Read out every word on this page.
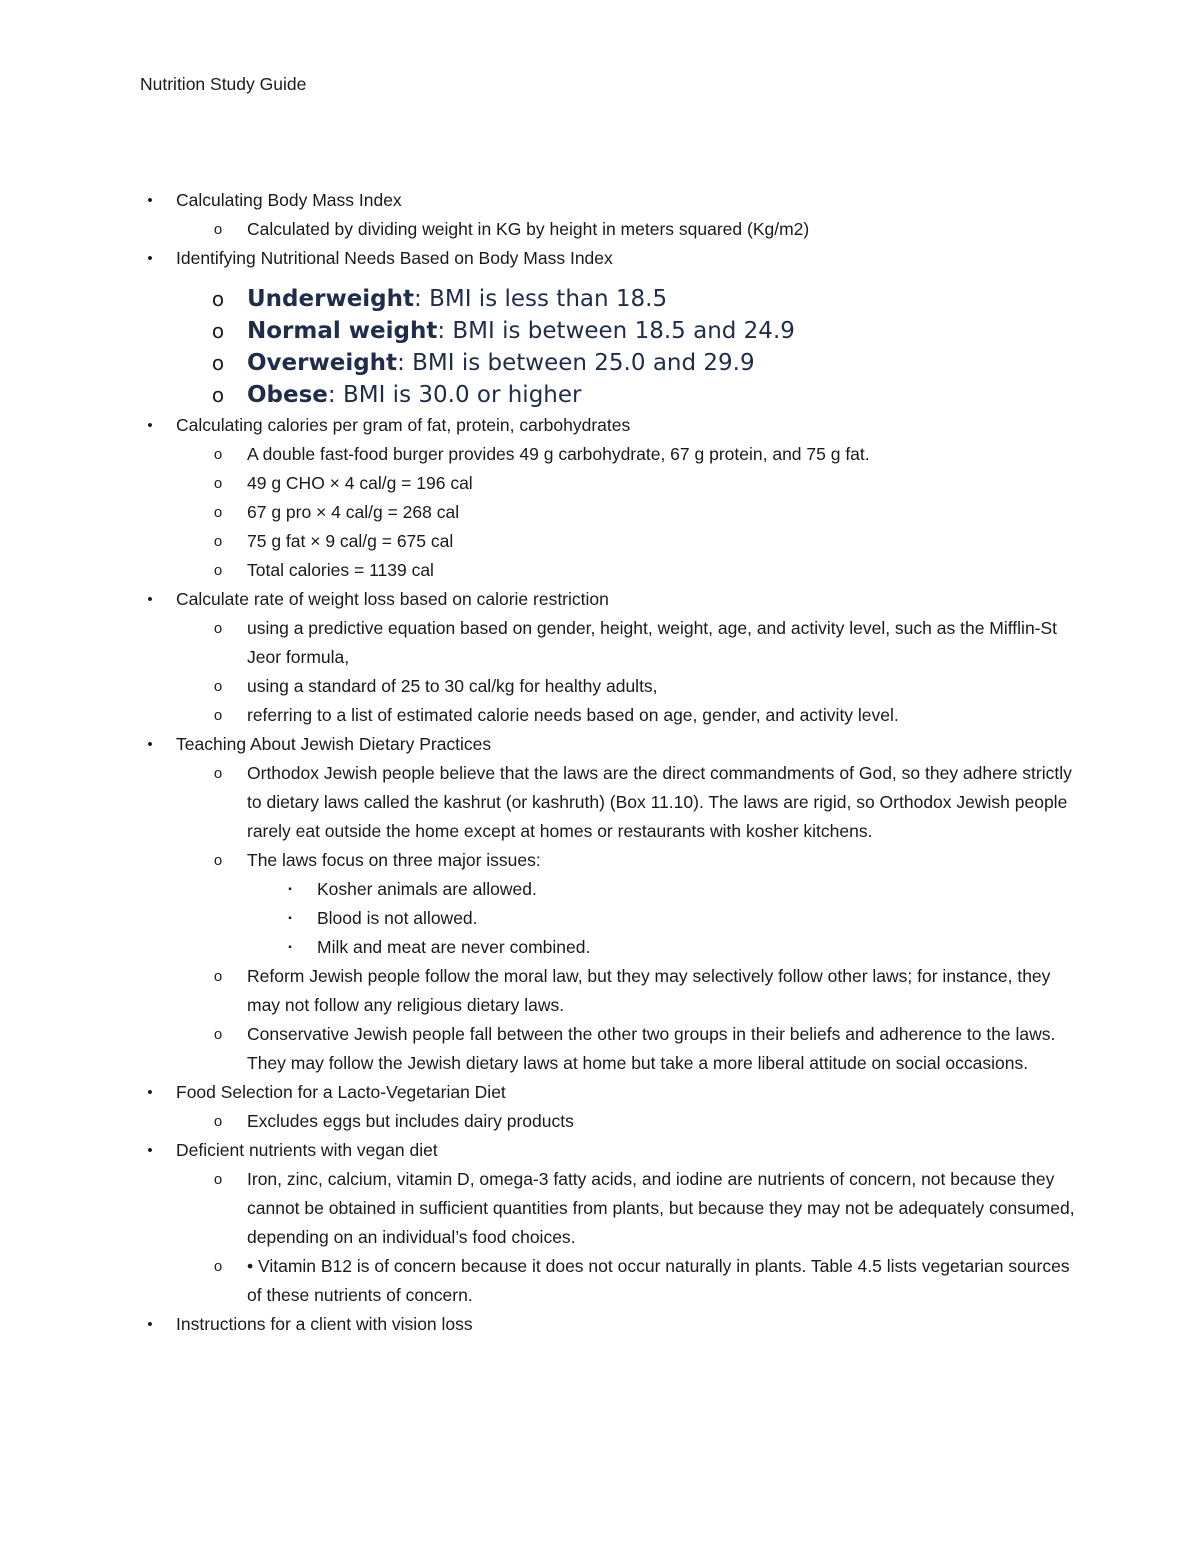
Nutrition Study Guide
•	Calculating Body Mass Index
o	Calculated by dividing weight in KG by height in meters squared (Kg/m2)
•	Identifying Nutritional Needs Based on Body Mass Index
o Underweight: BMI is less than 18.5
o Normal weight: BMI is between 18.5 and 24.9
o Overweight: BMI is between 25.0 and 29.9
o Obese: BMI is 30.0 or higher
•	Calculating calories per gram of fat, protein, carbohydrates
o	A double fast-food burger provides 49 g carbohydrate, 67 g protein, and 75 g fat.
o	49 g CHO × 4 cal/g = 196 cal
o	67 g pro × 4 cal/g = 268 cal
o	75 g fat × 9 cal/g = 675 cal
o	Total calories = 1139 cal
•	Calculate rate of weight loss based on calorie restriction
o	using a predictive equation based on gender, height, weight, age, and activity level, such as the Mifflin-St Jeor formula,
o	using a standard of 25 to 30 cal/kg for healthy adults,
o	referring to a list of estimated calorie needs based on age, gender, and activity level.
•	Teaching About Jewish Dietary Practices
o	Orthodox Jewish people believe that the laws are the direct commandments of God, so they adhere strictly to dietary laws called the kashrut (or kashruth) (Box 11.10). The laws are rigid, so Orthodox Jewish people rarely eat outside the home except at homes or restaurants with kosher kitchens.
o	The laws focus on three major issues:
▪	Kosher animals are allowed.
▪	Blood is not allowed.
▪	Milk and meat are never combined.
o	Reform Jewish people follow the moral law, but they may selectively follow other laws; for instance, they may not follow any religious dietary laws.
o	Conservative Jewish people fall between the other two groups in their beliefs and adherence to the laws. They may follow the Jewish dietary laws at home but take a more liberal attitude on social occasions.
•	Food Selection for a Lacto-Vegetarian Diet
o	Excludes eggs but includes dairy products
•	Deficient nutrients with vegan diet
o	Iron, zinc, calcium, vitamin D, omega-3 fatty acids, and iodine are nutrients of concern, not because they cannot be obtained in sufficient quantities from plants, but because they may not be adequately consumed, depending on an individual’s food choices.
o	• Vitamin B12 is of concern because it does not occur naturally in plants. Table 4.5 lists vegetarian sources of these nutrients of concern.
•	Instructions for a client with vision loss
